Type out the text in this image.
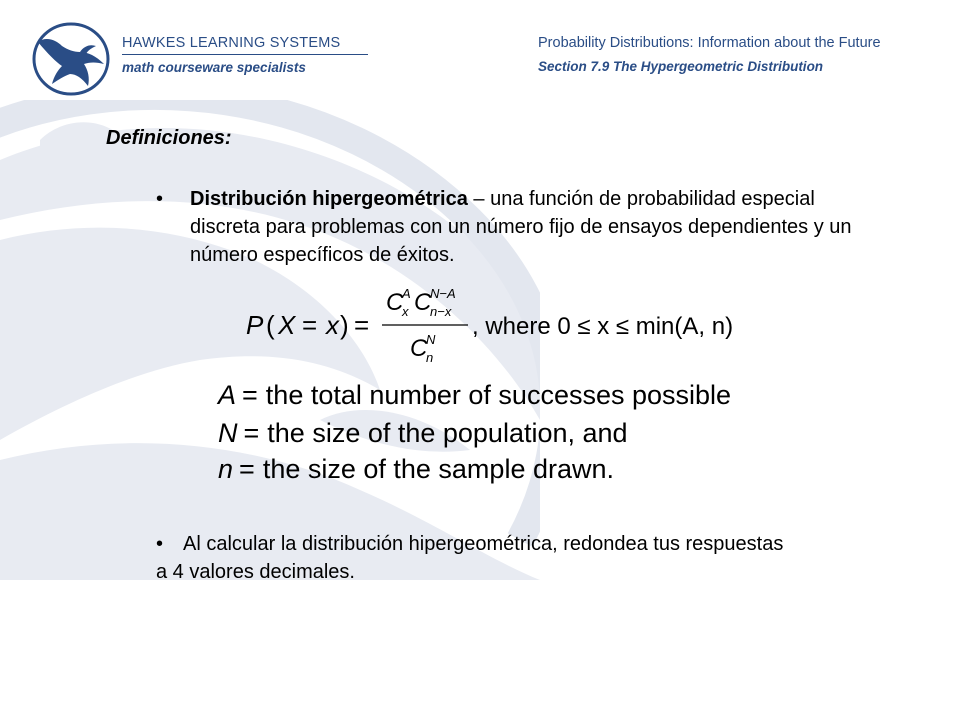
HAWKES LEARNING SYSTEMS
math courseware specialists
Probability Distributions: Information about the Future
Section 7.9 The Hypergeometric Distribution
Definiciones:
• Distribución hipergeométrica – una función de probabilidad especial discreta para problemas con un número fijo de ensayos dependientes y un número específicos de éxitos.
P ( X = x ) =
C
A
x C
N−A
n−x
C
N
n
, where 0 ≤ x ≤ min(A, n)
A = the total number of successes possible
N = the size of the population, and
n = the size of the sample drawn.
• Al calcular la distribución hipergeométrica, redondea tus respuestas
a 4 valores decimales.
